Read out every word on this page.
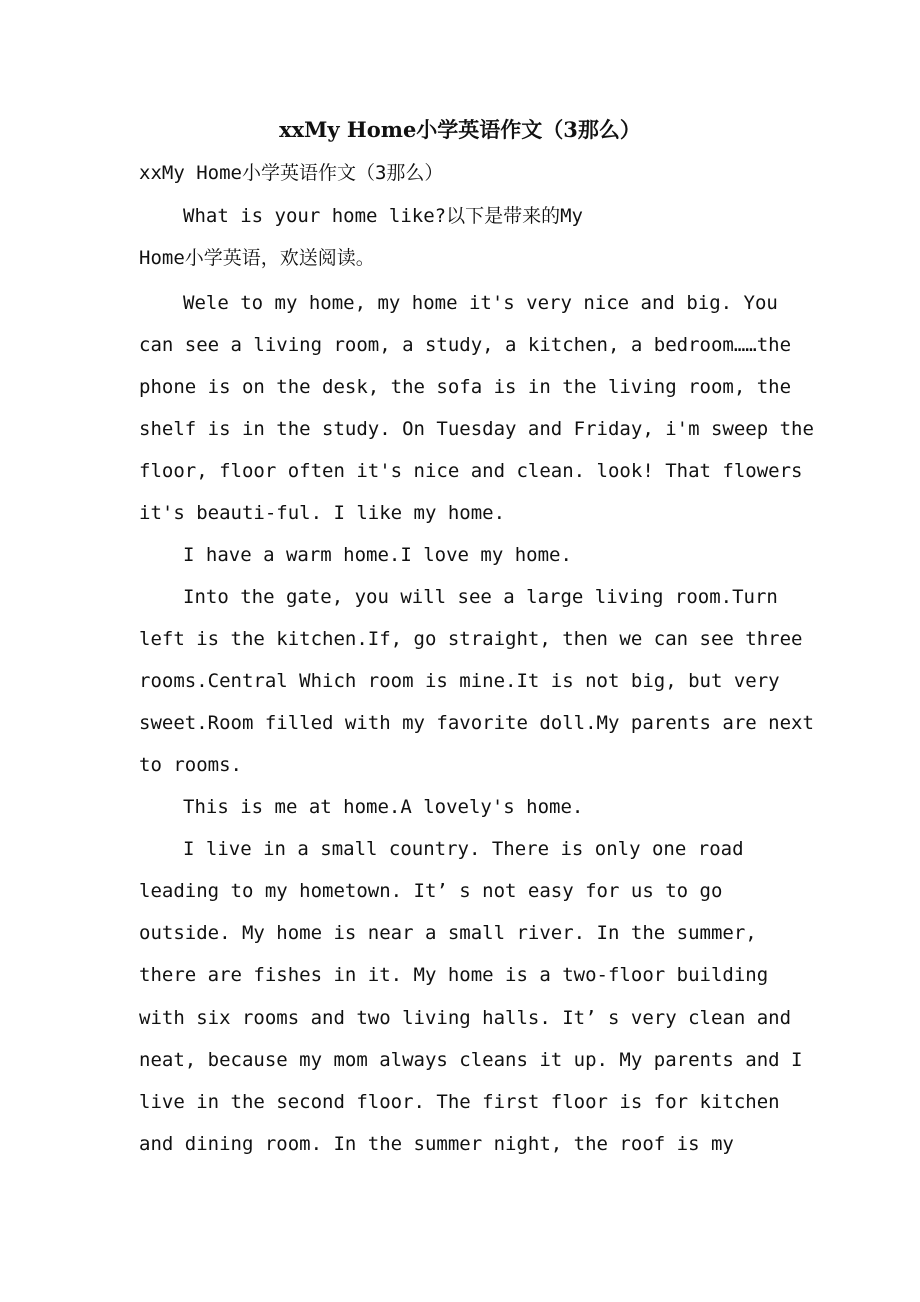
xxMy Home小学英语作文（3那么）
xxMy Home小学英语作文（3那么）
What is your home like?以下是带来的My
Home小学英语，欢送阅读。
Wele to my home, my home it's very nice and big. You
can see a living room, a study, a kitchen, a bedroom……the
phone is on the desk, the sofa is in the living room, the
shelf is in the study. On Tuesday and Friday, i'm sweep the
floor, floor often it's nice and clean. look! That flowers
it's beauti-ful. I like my home.
I have a warm home.I love my home.
Into the gate, you will see a large living room.Turn
left is the kitchen.If, go straight, then we can see three
rooms.Central Which room is mine.It is not big, but very
sweet.Room filled with my favorite doll.My parents are next
to rooms.
This is me at home.A lovely's home.
I live in a small country. There is only one road
leading to my hometown. It’ s not easy for us to go
outside. My home is near a small river. In the summer,
there are fishes in it. My home is a two-floor building
with six rooms and two living halls. It’ s very clean and
neat, because my mom always cleans it up. My parents and I
live in the second floor. The first floor is for kitchen
and dining room. In the summer night, the roof is my
